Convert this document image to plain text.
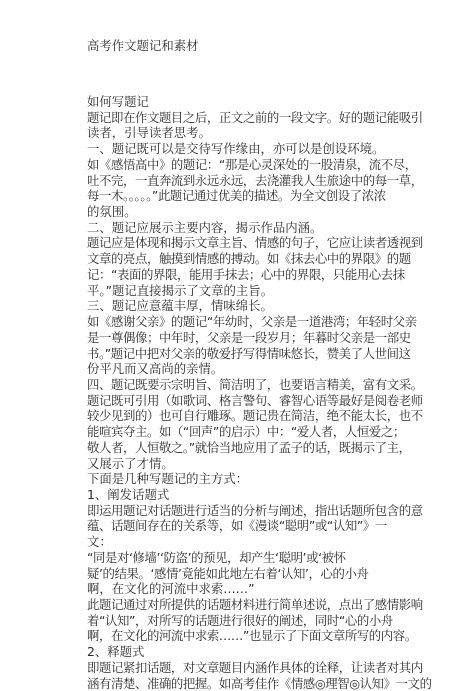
高考作文题记和素材

如何写题记
题记即在作文题目之后，正文之前的一段文字。好的题记能吸引
读者，引导读者思考。
一、题记既可以是交待写作缘由，亦可以是创设环境。
如《感悟高中》的题记：“那是心灵深处的一股清泉，流不尽，
吐不完，一直奔流到永远永远，去浇灌我人生旅途中的每一草，
每一木。。。。。”此题记通过优美的描述。为全文创设了浓浓
的氛围。
二、题记应展示主要内容，揭示作品内涵。
题记应是体现和揭示文章主旨、情感的句子，它应让读者透视到
文章的亮点，触摸到情感的搏动。如《抹去心中的界限》的题
记：“表面的界限，能用手抹去；心中的界限，只能用心去抹
平。”题记直接揭示了文章的主旨。
三、题记应意蕴丰厚，情味绵长。
如《感谢父亲》的题记“年幼时，父亲是一道港湾；年轻时父亲
是一尊偶像；中年时，父亲是一段岁月；年暮时父亲是一部史
书。”题记中把对父亲的敬爱抒写得情味悠长，赞美了人世间这
份平凡而又高尚的亲情。
四、题记既要示宗明旨、简洁明了，也要语言精美，富有文采。
题记既可引用（如歌词、格言警句、睿智心语等最好是阅卷老师
较少见到的）也可自行雕琢。题记贵在简洁，绝不能太长，也不
能喧宾夺主。如（“回声”的启示）中：“爱人者，人恒爱之；
敬人者，人恒敬之。”就恰当地应用了孟子的话，既揭示了主，
又展示了才情。
下面是几种写题记的主方式：
1、阐发话题式
即运用题记对话题进行适当的分析与阐述，指出话题所包含的意
蕴、话题间存在的关系等，如《漫谈“聪明”或“认知”》一
文：
“同是对‘修墙’‘防盗’的预见，却产生‘聪明’或‘被怀
疑’的结果。‘感情’竟能如此地左右着‘认知’，心的小舟
啊，在文化的河流中求索……”
此题记通过对所提供的话题材料进行简单述说，点出了感情影响
着“认知”，对所写的话题进行很好的阐述，同时“心的小舟
啊，在文化的河流中求索……”也显示了下面文章所写的内容。
2、释题式
即题记紧扣话题，对文章题目内涵作具体的诠释，让读者对其内
涵有清楚、准确的把握。如高考佳作《情感◎理智◎认知》一文的
